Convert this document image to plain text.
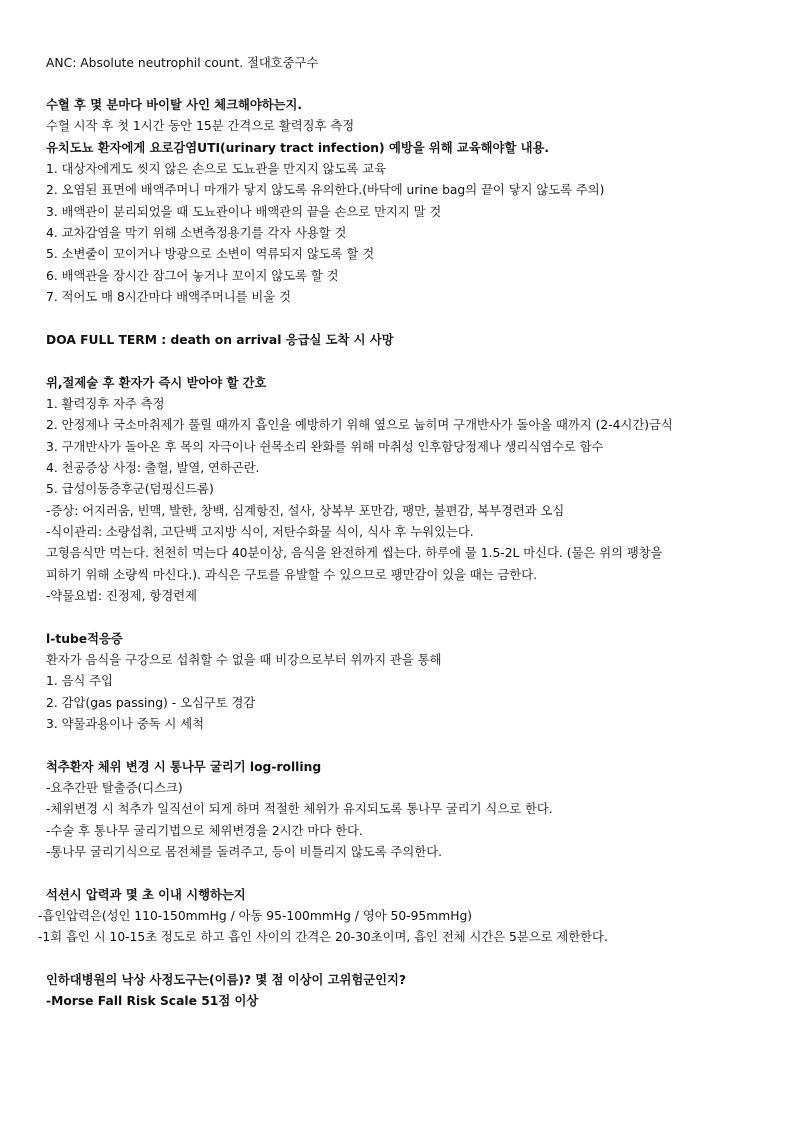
ANC: Absolute neutrophil count. 절대호중구수
수혈 후 몇 분마다 바이탈 사인 체크해야하는지.
수혈 시작 후 첫 1시간 동안 15분 간격으로 활력징후 측정
유치도뇨 환자에게 요로감염UTI(urinary tract infection) 예방을 위해 교육해야할 내용.
1. 대상자에게도 씻지 않은 손으로 도뇨관을 만지지 않도록 교육
2. 오염된 표면에 배액주머니 마개가 닿지 않도록 유의한다.(바닥에 urine bag의 끝이 닿지 않도록 주의)
3. 배액관이 분리되었을 때 도뇨관이나 배액관의 끝을 손으로 만지지 말 것
4. 교차감염을 막기 위해 소변측정용기를 각자 사용할 것
5. 소변줄이 꼬이거나 방광으로 소변이 역류되지 않도록 할 것
6. 배액관을 장시간 잠그어 놓거나 꼬이지 않도록 할 것
7. 적어도 매 8시간마다 배액주머니를 비울 것
DOA FULL TERM : death on arrival 응급실 도착 시 사망
위,절제술 후 환자가 즉시 받아야 할 간호
1. 활력징후 자주 측정
2. 안정제나 국소마취제가 풀릴 때까지 흡인을 예방하기 위해 옆으로 눕히며 구개반사가 돌아올 때까지 (2-4시간)금식
3. 구개반사가 돌아온 후 목의 자극이나 쉰목소리 완화를 위해 마취성 인후함당정제나 생리식염수로 함수
4. 천공증상 사정: 출혈, 발열, 연하곤란.
5. 급성이동증후군(덤핑신드롬)
-증상: 어지러움, 빈맥, 발한, 창백, 심계항진, 설사, 상복부 포만감, 팽만, 불편감, 복부경련과 오심
-식이관리: 소량섭취, 고단백 고지방 식이, 저탄수화물 식이, 식사 후 누워있는다.
고형음식만 먹는다. 천천히 먹는다 40분이상, 음식을 완전하게 씹는다. 하루에 물 1.5-2L 마신다. (물은 위의 팽창을
피하기 위해 소량씩 마신다.). 과식은 구토를 유발할 수 있으므로 팽만감이 있을 때는 금한다.
-약물요법: 진정제, 항경련제
l-tube적응증
환자가 음식을 구강으로 섭취할 수 없을 때 비강으로부터 위까지 관을 통해
1. 음식 주입
2. 감압(gas passing) - 오심구토 경감
3. 약물과용이나 중독 시 세척
척추환자 체위 변경 시 통나무 굴리기 log-rolling
-요추간판 탈출증(디스크)
-체위변경 시 척추가 일직선이 되게 하며 적절한 체위가 유지되도록 통나무 굴리기 식으로 한다.
-수술 후 통나무 굴리기법으로 체위변경을 2시간 마다 한다.
-통나무 굴리기식으로 몸전체를 돌려주고, 등이 비틀리지 않도록 주의한다.
석션시 압력과 몇 초 이내 시행하는지
-흡인압력은(성인 110-150mmHg / 아동 95-100mmHg / 영아 50-95mmHg)
-1회 흡인 시 10-15초 정도로 하고 흡인 사이의 간격은 20-30초이며, 흡인 전체 시간은 5분으로 제한한다.
인하대병원의 낙상 사정도구는(이름)? 몇 점 이상이 고위험군인지?
-Morse Fall Risk Scale 51점 이상
